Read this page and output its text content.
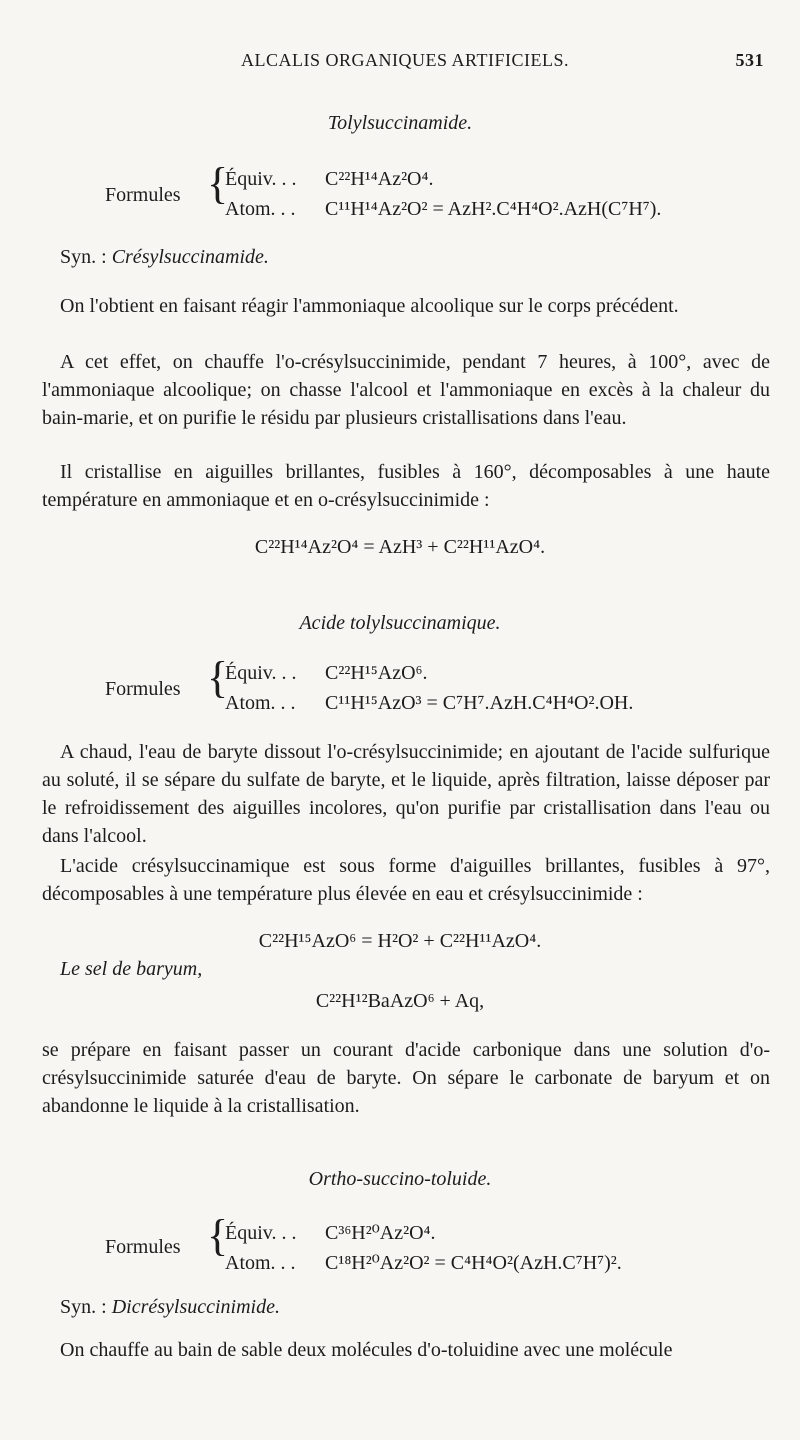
ALCALIS ORGANIQUES ARTIFICIELS.	531
Tolylsuccinamide.
Formules {
Équiv. . . C²²H¹⁴Az²O⁴.
Atom. . . C¹¹H¹⁴Az²O² = AzH².C⁴H⁴O².AzH(C⁷H⁷).
Syn. : Crésylsuccinamide.
On l'obtient en faisant réagir l'ammoniaque alcoolique sur le corps précédent.
A cet effet, on chauffe l'o-crésylsuccinimide, pendant 7 heures, à 100°, avec de l'ammoniaque alcoolique; on chasse l'alcool et l'ammoniaque en excès à la chaleur du bain-marie, et on purifie le résidu par plusieurs cristallisations dans l'eau.
Il cristallise en aiguilles brillantes, fusibles à 160°, décomposables à une haute température en ammoniaque et en o-crésylsuccinimide :
C²²H¹⁴Az²O⁴ = AzH³ + C²²H¹¹AzO⁴.
Acide tolylsuccinamique.
Formules {
Équiv. . . C²²H¹⁵AzO⁶.
Atom. . . C¹¹H¹⁵AzO³ = C⁷H⁷.AzH.C⁴H⁴O².OH.
A chaud, l'eau de baryte dissout l'o-crésylsuccinimide; en ajoutant de l'acide sulfurique au soluté, il se sépare du sulfate de baryte, et le liquide, après filtration, laisse déposer par le refroidissement des aiguilles incolores, qu'on purifie par cristallisation dans l'eau ou dans l'alcool.
L'acide crésylsuccinamique est sous forme d'aiguilles brillantes, fusibles à 97°, décomposables à une température plus élevée en eau et crésylsuccinimide :
C²²H¹⁵AzO⁶ = H²O² + C²²H¹¹AzO⁴.
Le sel de baryum,
C²²H¹²BaAzO⁶ + Aq,
se prépare en faisant passer un courant d'acide carbonique dans une solution d'o-crésylsuccinimide saturée d'eau de baryte. On sépare le carbonate de baryum et on abandonne le liquide à la cristallisation.
Ortho-succino-toluide.
Formules {
Équiv. . . C³⁶H²⁰Az²O⁴.
Atom. . . C¹⁸H²⁰Az²O² = C⁴H⁴O²(AzH.C⁷H⁷)².
Syn. : Dicrésylsuccinimide.
On chauffe au bain de sable deux molécules d'o-toluidine avec une molécule
